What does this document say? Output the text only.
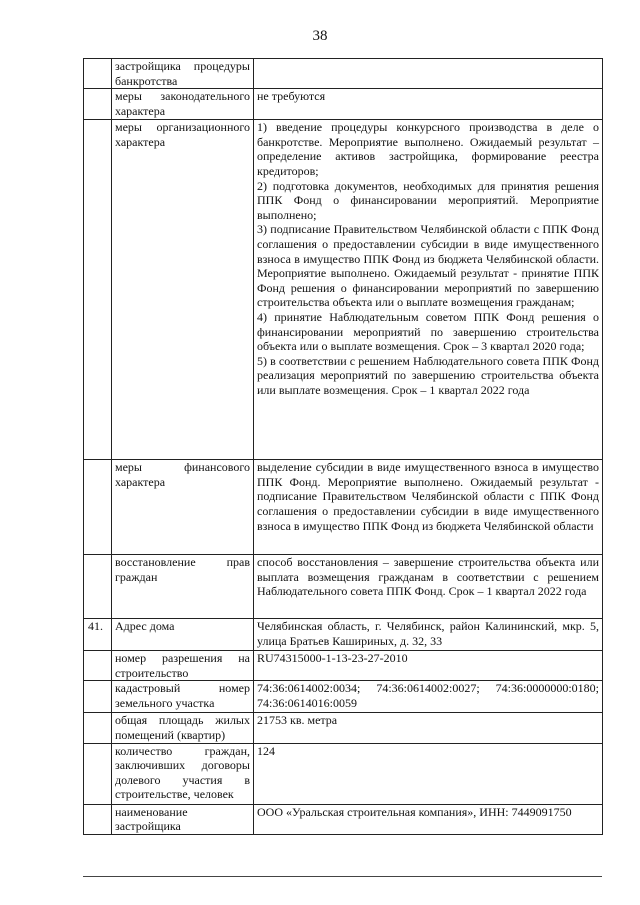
38
	застройщика процедуры банкротства	
	меры законодательного характера	не требуются
	меры организационного характера	1) введение процедуры конкурсного производства в деле о банкротстве. Мероприятие выполнено. Ожидаемый результат – определение активов застройщика, формирование реестра кредиторов;

2) подготовка документов, необходимых для принятия решения ППК Фонд о финансировании мероприятий. Мероприятие выполнено;

3) подписание Правительством Челябинской области с ППК Фонд соглашения о предоставлении субсидии в виде имущественного взноса в имущество ППК Фонд из бюджета Челябинской области. Мероприятие выполнено. Ожидаемый результат - принятие ППК Фонд решения о финансировании мероприятий по завершению строительства объекта или о выплате возмещения гражданам;

4) принятие Наблюдательным советом ППК Фонд решения о финансировании мероприятий по завершению строительства объекта или о выплате возмещения. Срок – 3 квартал 2020 года;

5) в соответствии с решением Наблюдательного совета ППК Фонд реализация мероприятий по завершению строительства объекта или выплате возмещения. Срок – 1 квартал 2022 года

	меры финансового характера	выделение субсидии в виде имущественного взноса в имущество ППК Фонд. Мероприятие выполнено. Ожидаемый результат - подписание Правительством Челябинской области с ППК Фонд соглашения о предоставлении субсидии в виде имущественного взноса в имущество ППК Фонд из бюджета Челябинской области
	восстановление прав граждан	способ восстановления – завершение строительства объекта или выплата возмещения гражданам в соответствии с решением Наблюдательного совета ППК Фонд. Срок – 1 квартал 2022 года
41.	Адрес дома	Челябинская область, г. Челябинск, район Калининский, мкр. 5, улица Братьев Кашириных, д. 32, 33
	номер разрешения на строительство	RU74315000-1-13-23-27-2010
	кадастровый номер земельного участка	74:36:0614002:0034; 74:36:0614002:0027; 74:36:0000000:0180; 74:36:0614016:0059
	общая площадь жилых помещений (квартир)	21753 кв. метра
	количество граждан, заключивших договоры долевого участия в строительстве, человек	124
	наименование застройщика	ООО «Уральская строительная компания», ИНН: 7449091750
